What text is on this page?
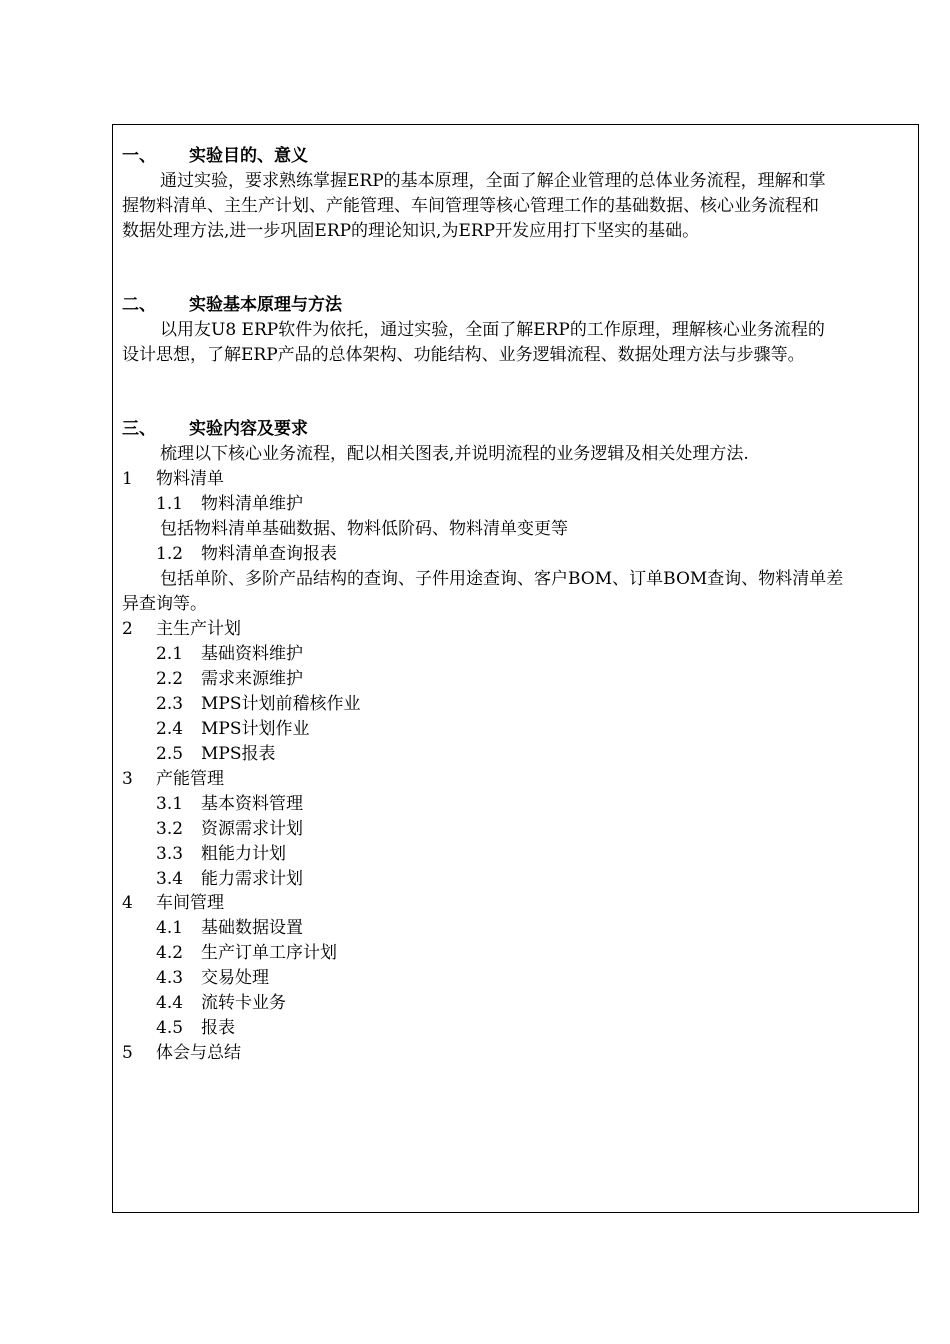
一、 实验目的、意义
通过实验，要求熟练掌握ERP的基本原理，全面了解企业管理的总体业务流程，理解和掌
握物料清单、主生产计划、产能管理、车间管理等核心管理工作的基础数据、核心业务流程和
数据处理方法,进一步巩固ERP的理论知识,为ERP开发应用打下坚实的基础。
二、 实验基本原理与方法
以用友U8 ERP软件为依托，通过实验，全面了解ERP的工作原理，理解核心业务流程的
设计思想，了解ERP产品的总体架构、功能结构、业务逻辑流程、数据处理方法与步骤等。
三、 实验内容及要求
梳理以下核心业务流程，配以相关图表,并说明流程的业务逻辑及相关处理方法.
1 物料清单
1.1 物料清单维护
包括物料清单基础数据、物料低阶码、物料清单变更等
1.2 物料清单查询报表
包括单阶、多阶产品结构的查询、子件用途查询、客户BOM、订单BOM查询、物料清单差
异查询等。
2 主生产计划
2.1 基础资料维护
2.2 需求来源维护
2.3 MPS计划前稽核作业
2.4 MPS计划作业
2.5 MPS报表
3 产能管理
3.1 基本资料管理
3.2 资源需求计划
3.3 粗能力计划
3.4 能力需求计划
4 车间管理
4.1 基础数据设置
4.2 生产订单工序计划
4.3 交易处理
4.4 流转卡业务
4.5 报表
5 体会与总结
